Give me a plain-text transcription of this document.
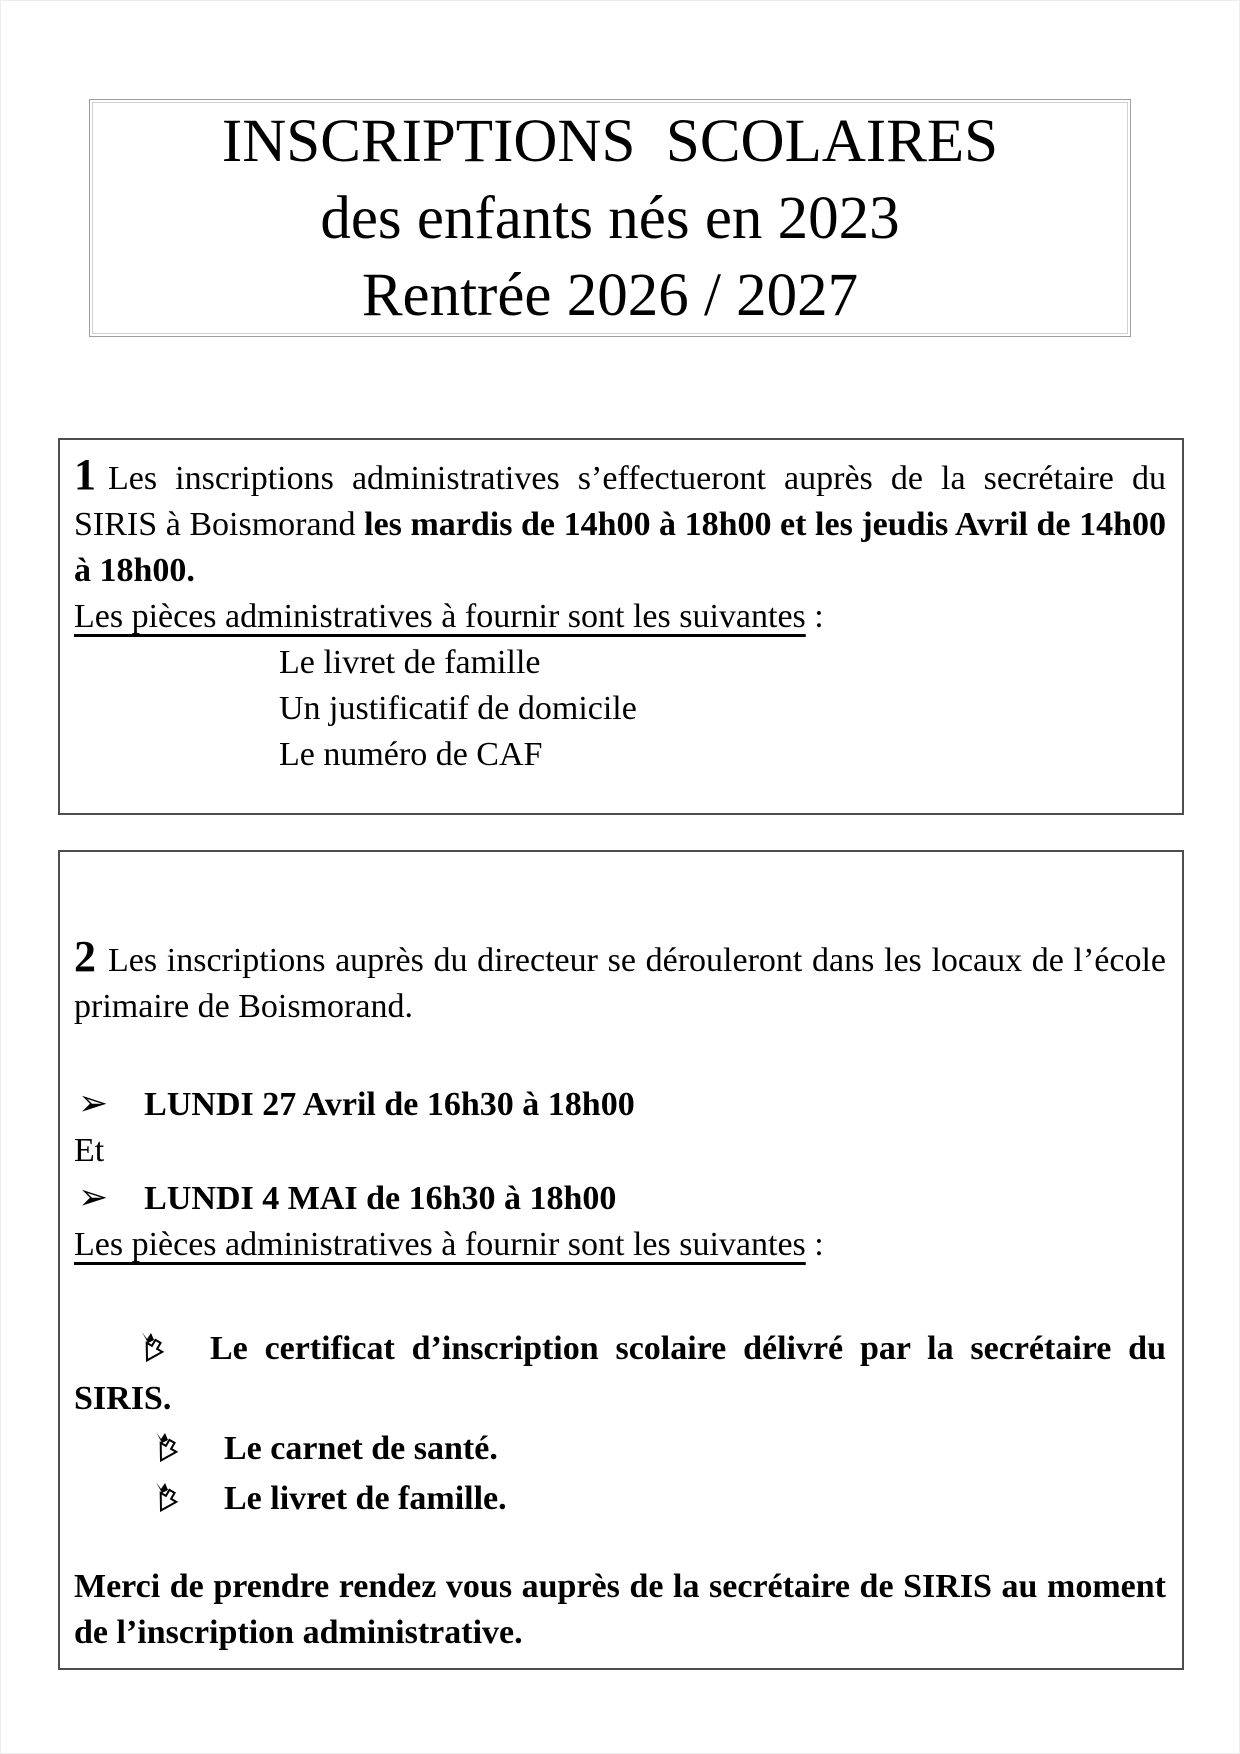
INSCRIPTIONS  SCOLAIRES
des enfants nés en 2023
Rentrée 2026 / 2027

1 Les inscriptions administratives s’effectueront auprès de la secrétaire du SIRIS à Boismorand les mardis de 14h00 à 18h00 et les jeudis Avril de 14h00 à 18h00.

Les pièces administratives à fournir sont les suivantes :

Le livret de famille
Un justificatif de domicile
Le numéro de CAF

2 Les inscriptions auprès du directeur se dérouleront dans les locaux de l’école primaire de Boismorand.

➢ LUNDI 27 Avril de 16h30 à 18h00

Et

➢ LUNDI 4 MAI de 16h30 à 18h00

Les pièces administratives à fournir sont les suivantes :

Le certificat d’inscription scolaire délivré par la secrétaire du SIRIS.

Le carnet de santé.

Le livret de famille.

Merci de prendre rendez vous auprès de la secrétaire de SIRIS au moment de l’inscription administrative.
